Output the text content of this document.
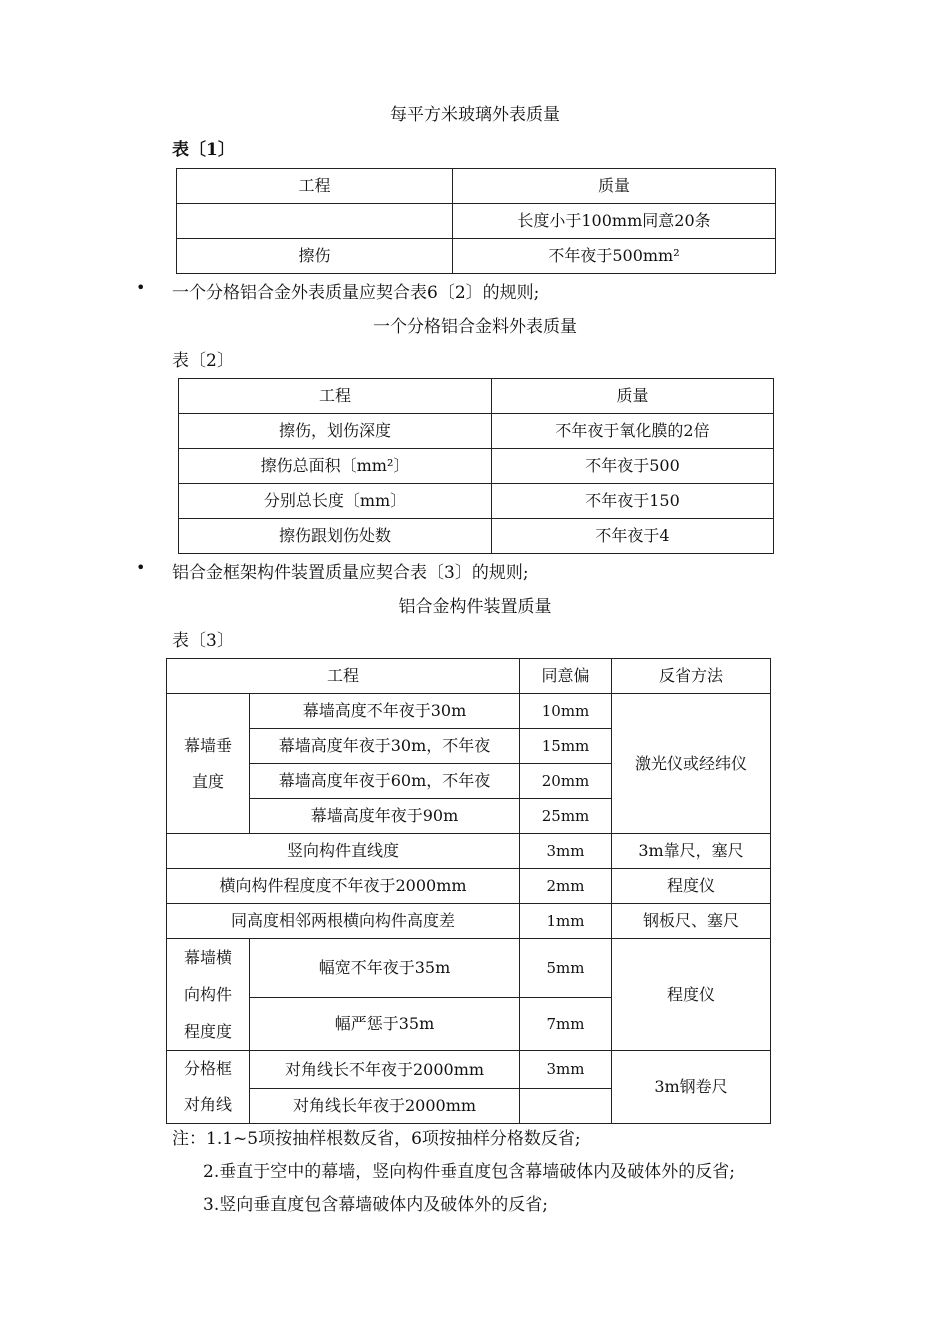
每平方米玻璃外表质量
表〔1〕
工程	质量
	长度小于100mm同意20条
擦伤	不年夜于500mm²
• 一个分格铝合金外表质量应契合表6〔2〕的规则;
一个分格铝合金料外表质量
表〔2〕
工程	质量
擦伤，划伤深度	不年夜于氧化膜的2倍
擦伤总面积〔mm²〕	不年夜于500
分别总长度〔mm〕	不年夜于150
擦伤跟划伤处数	不年夜于4
• 铝合金框架构件装置质量应契合表〔3〕的规则;
铝合金构件装置质量
表〔3〕
工程		同意偏	反省方法

幕墙垂
直度	幕墙高度不年夜于30m	10mm	激光仪或经纬仪
	幕墙高度年夜于30m，不年夜	15mm	
	幕墙高度年夜于60m，不年夜	20mm	
	幕墙高度年夜于90m	25mm	
竖向构件直线度		3mm	3m靠尺，塞尺
横向构件程度度不年夜于2000mm		2mm	程度仪
同高度相邻两根横向构件高度差		1mm	钢板尺、塞尺

幕墙横
向构件
程度度	幅宽不年夜于35m	5mm	程度仪
	幅严惩于35m	7mm	

分格框
对角线	对角线长不年夜于2000mm	3mm	3m钢卷尺
	对角线长年夜于2000mm		
注：1.1~5项按抽样根数反省，6项按抽样分格数反省;
2.垂直于空中的幕墙，竖向构件垂直度包含幕墙破体内及破体外的反省;
3.竖向垂直度包含幕墙破体内及破体外的反省;
